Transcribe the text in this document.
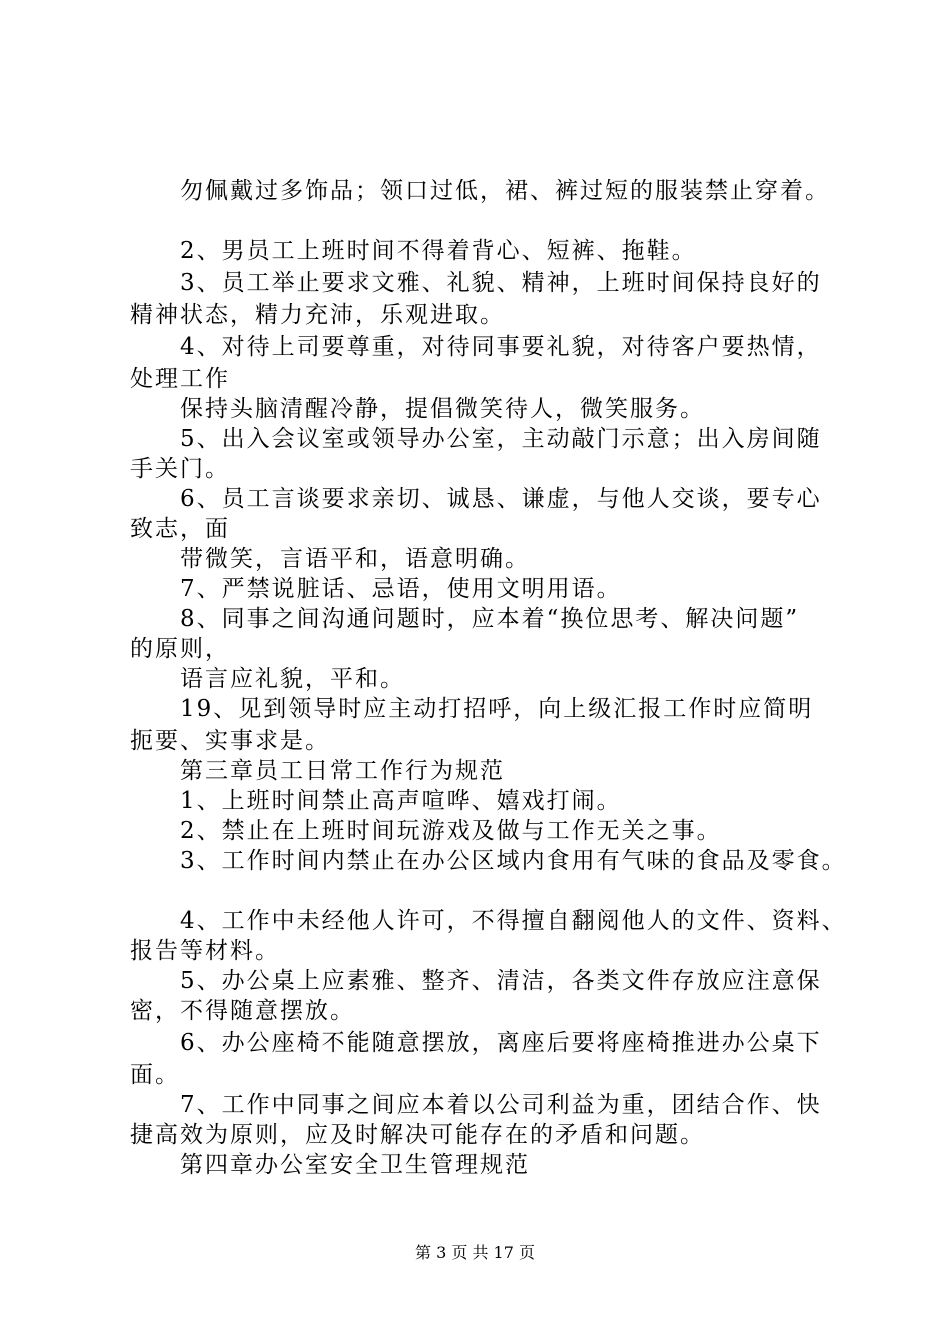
勿佩戴过多饰品；领口过低，裙、裤过短的服装禁止穿着。

2、男员工上班时间不得着背心、短裤、拖鞋。

3、员工举止要求文雅、礼貌、精神，上班时间保持良好的

精神状态，精力充沛，乐观进取。

4、对待上司要尊重，对待同事要礼貌，对待客户要热情，

处理工作

保持头脑清醒冷静，提倡微笑待人，微笑服务。

5、出入会议室或领导办公室，主动敲门示意；出入房间随

手关门。

6、员工言谈要求亲切、诚恳、谦虚，与他人交谈，要专心

致志，面

带微笑，言语平和，语意明确。

7、严禁说脏话、忌语，使用文明用语。

8、同事之间沟通问题时，应本着“换位思考、解决问题”

的原则，

语言应礼貌，平和。

19、见到领导时应主动打招呼，向上级汇报工作时应简明

扼要、实事求是。

第三章员工日常工作行为规范

1、上班时间禁止高声喧哗、嬉戏打闹。

2、禁止在上班时间玩游戏及做与工作无关之事。

3、工作时间内禁止在办公区域内食用有气味的食品及零食。

4、工作中未经他人许可，不得擅自翻阅他人的文件、资料、

报告等材料。

5、办公桌上应素雅、整齐、清洁，各类文件存放应注意保

密，不得随意摆放。

6、办公座椅不能随意摆放，离座后要将座椅推进办公桌下

面。

7、工作中同事之间应本着以公司利益为重，团结合作、快

捷高效为原则，应及时解决可能存在的矛盾和问题。

第四章办公室安全卫生管理规范

第 3 页 共 17 页
